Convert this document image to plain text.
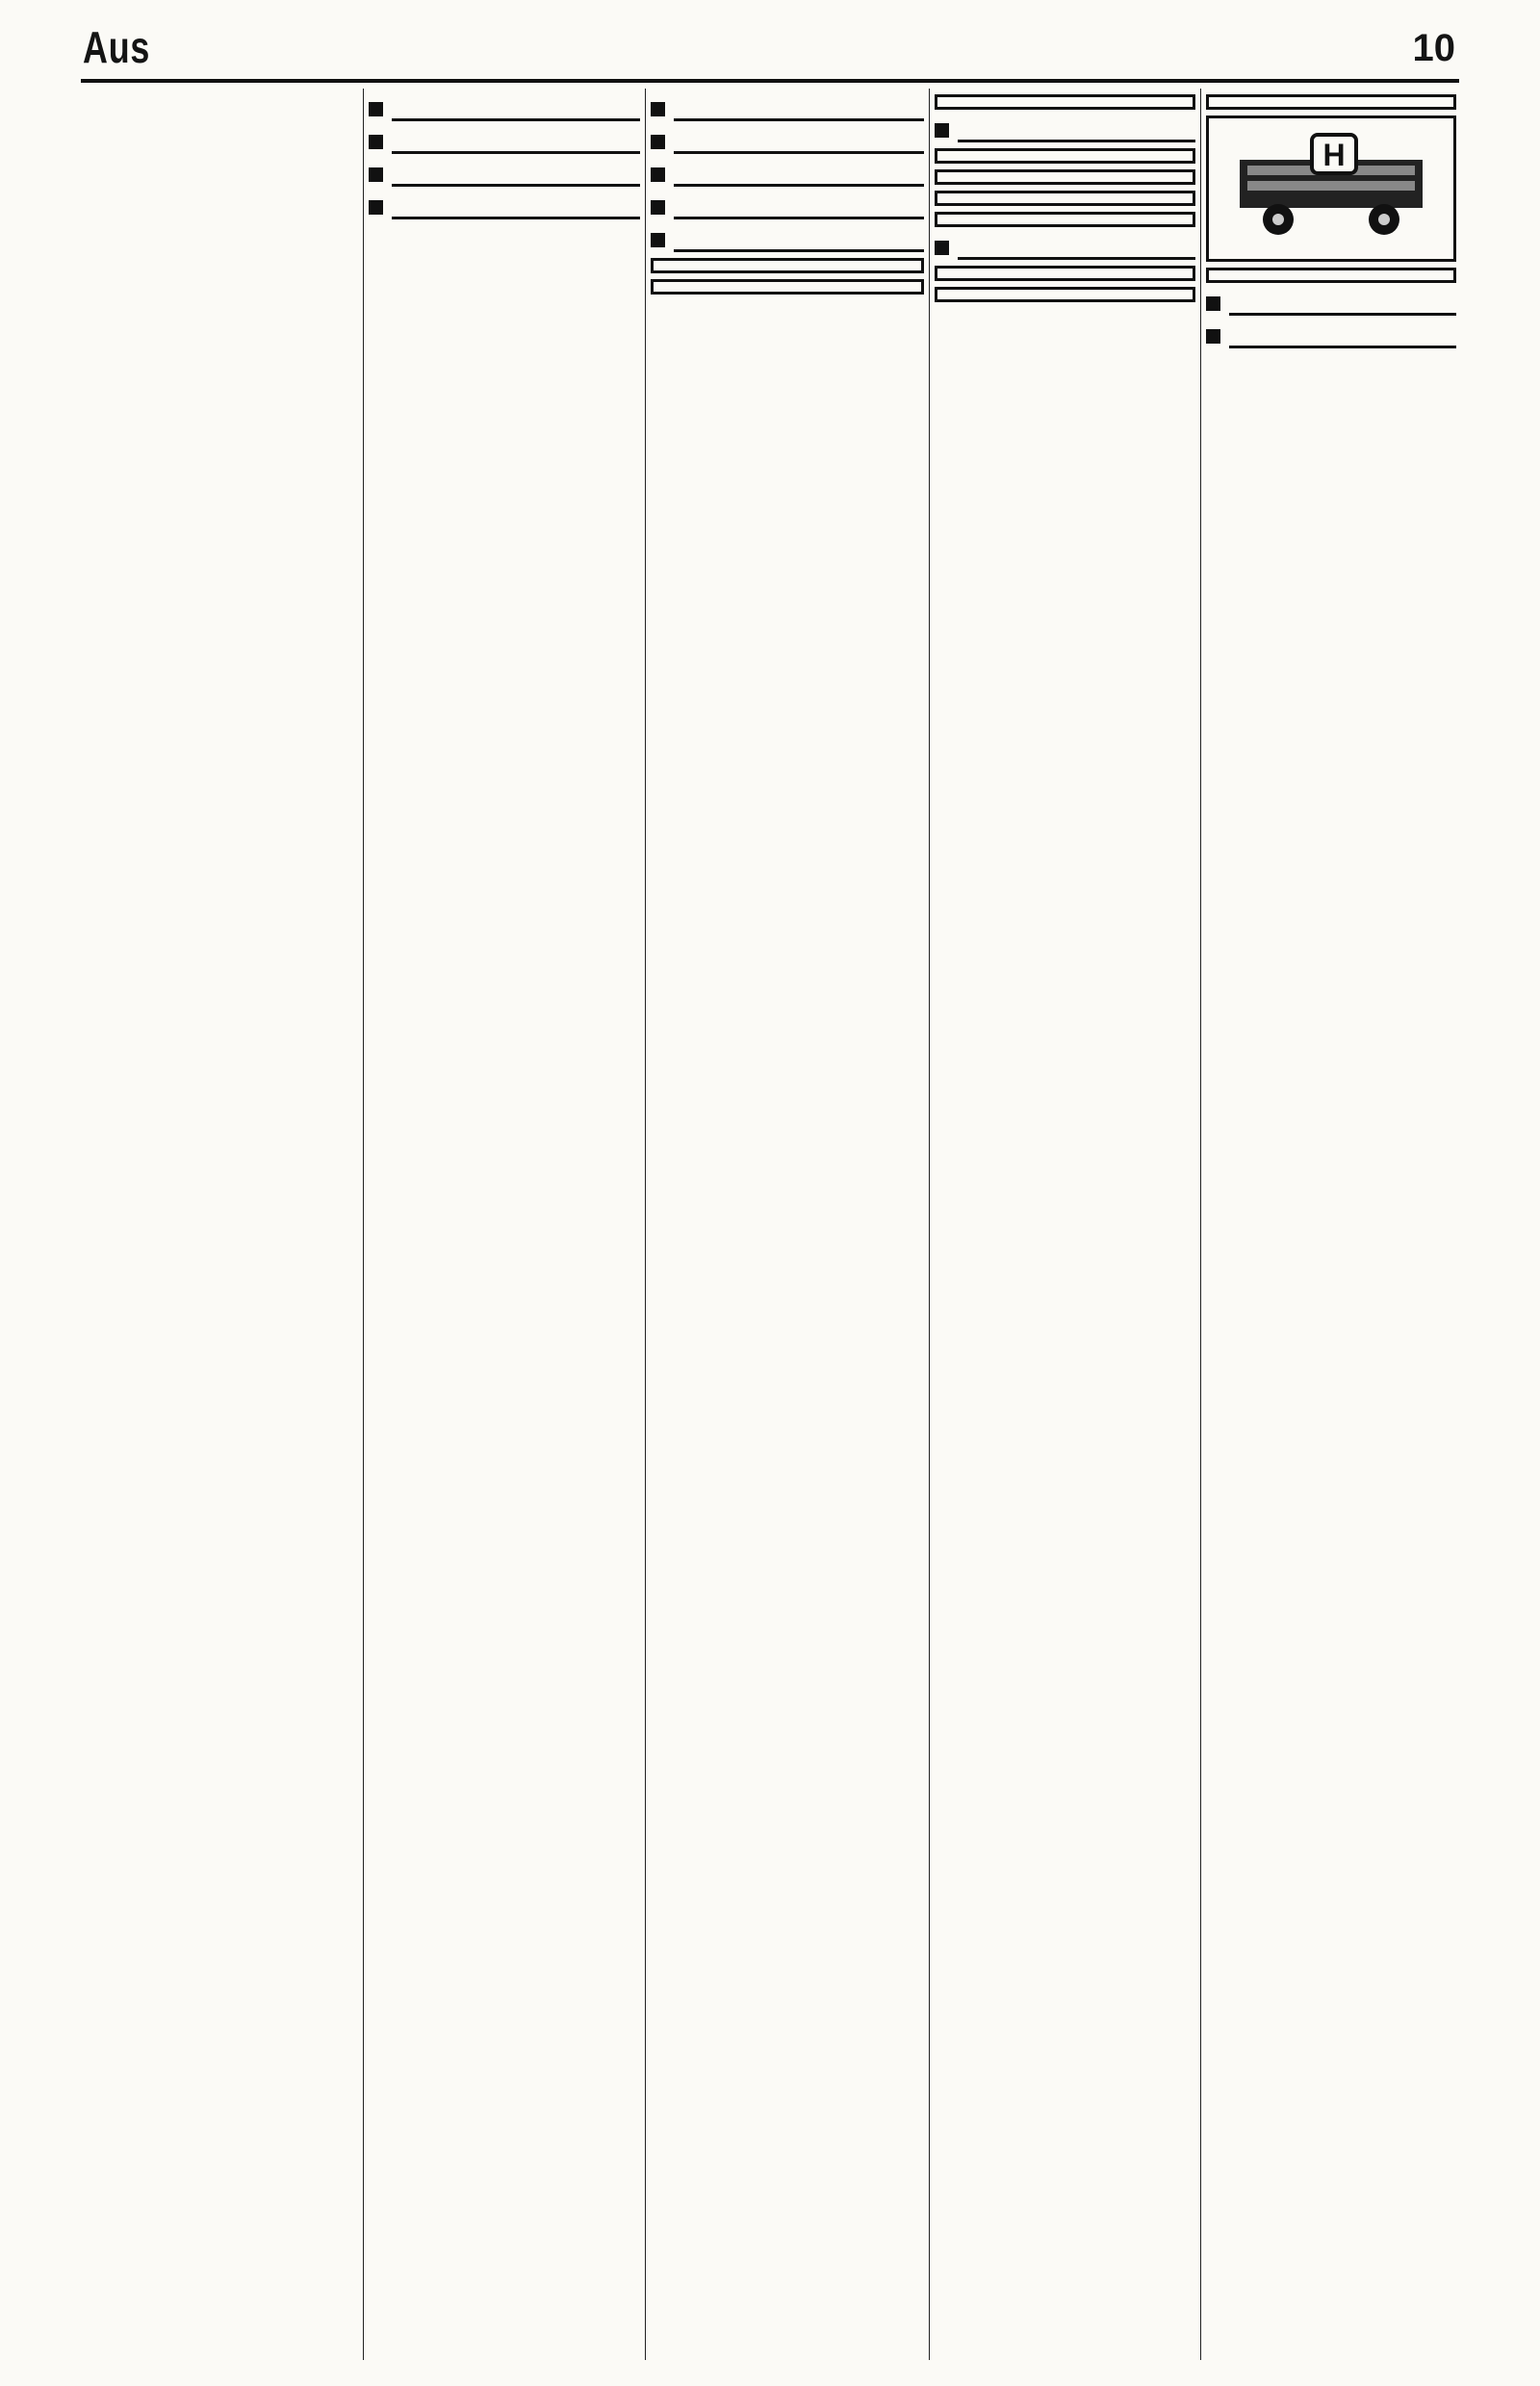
Aus	10
H
